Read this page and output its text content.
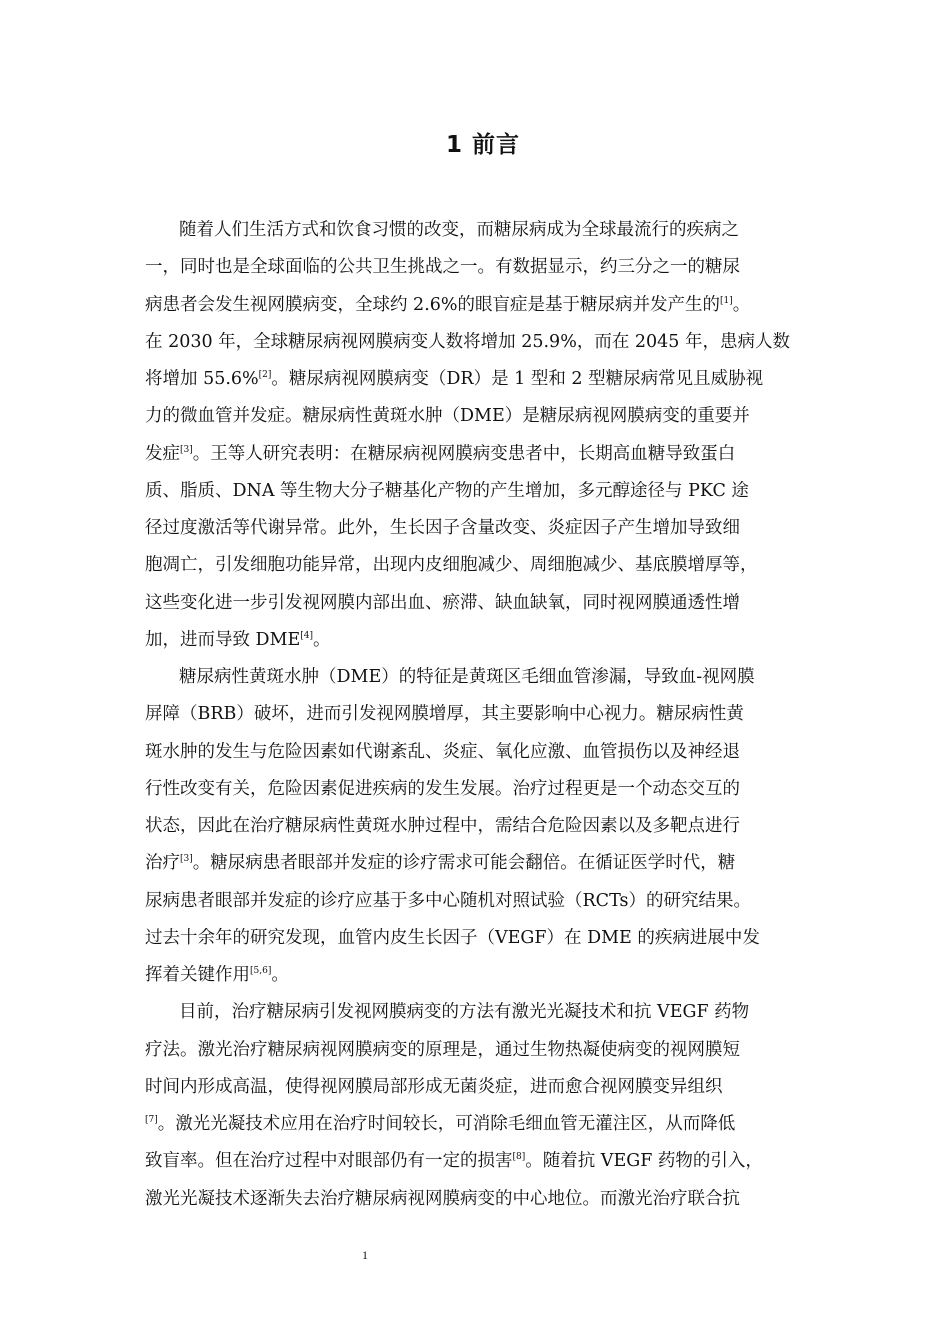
1 前言
随着人们生活方式和饮食习惯的改变，而糖尿病成为全球最流行的疾病之
一，同时也是全球面临的公共卫生挑战之一。有数据显示，约三分之一的糖尿
病患者会发生视网膜病变，全球约 2.6%的眼盲症是基于糖尿病并发产生的[1]。
在 2030 年，全球糖尿病视网膜病变人数将增加 25.9%，而在 2045 年，患病人数
将增加 55.6%[2]。糖尿病视网膜病变（DR）是 1 型和 2 型糖尿病常见且威胁视
力的微血管并发症。糖尿病性黄斑水肿（DME）是糖尿病视网膜病变的重要并
发症[3]。王等人研究表明：在糖尿病视网膜病变患者中，长期高血糖导致蛋白
质、脂质、DNA 等生物大分子糖基化产物的产生增加，多元醇途径与 PKC 途
径过度激活等代谢异常。此外，生长因子含量改变、炎症因子产生增加导致细
胞凋亡，引发细胞功能异常，出现内皮细胞减少、周细胞减少、基底膜增厚等，
这些变化进一步引发视网膜内部出血、瘀滞、缺血缺氧，同时视网膜通透性增
加，进而导致 DME[4]。
糖尿病性黄斑水肿（DME）的特征是黄斑区毛细血管渗漏，导致血-视网膜
屏障（BRB）破坏，进而引发视网膜增厚，其主要影响中心视力。糖尿病性黄
斑水肿的发生与危险因素如代谢紊乱、炎症、氧化应激、血管损伤以及神经退
行性改变有关，危险因素促进疾病的发生发展。治疗过程更是一个动态交互的
状态，因此在治疗糖尿病性黄斑水肿过程中，需结合危险因素以及多靶点进行
治疗[3]。糖尿病患者眼部并发症的诊疗需求可能会翻倍。在循证医学时代，糖
尿病患者眼部并发症的诊疗应基于多中心随机对照试验（RCTs）的研究结果。
过去十余年的研究发现，血管内皮生长因子（VEGF）在 DME 的疾病进展中发
挥着关键作用[5,6]。
目前，治疗糖尿病引发视网膜病变的方法有激光光凝技术和抗 VEGF 药物
疗法。激光治疗糖尿病视网膜病变的原理是，通过生物热凝使病变的视网膜短
时间内形成高温，使得视网膜局部形成无菌炎症，进而愈合视网膜变异组织
[7]。激光光凝技术应用在治疗时间较长，可消除毛细血管无灌注区，从而降低
致盲率。但在治疗过程中对眼部仍有一定的损害[8]。随着抗 VEGF 药物的引入，
激光光凝技术逐渐失去治疗糖尿病视网膜病变的中心地位。而激光治疗联合抗
1
